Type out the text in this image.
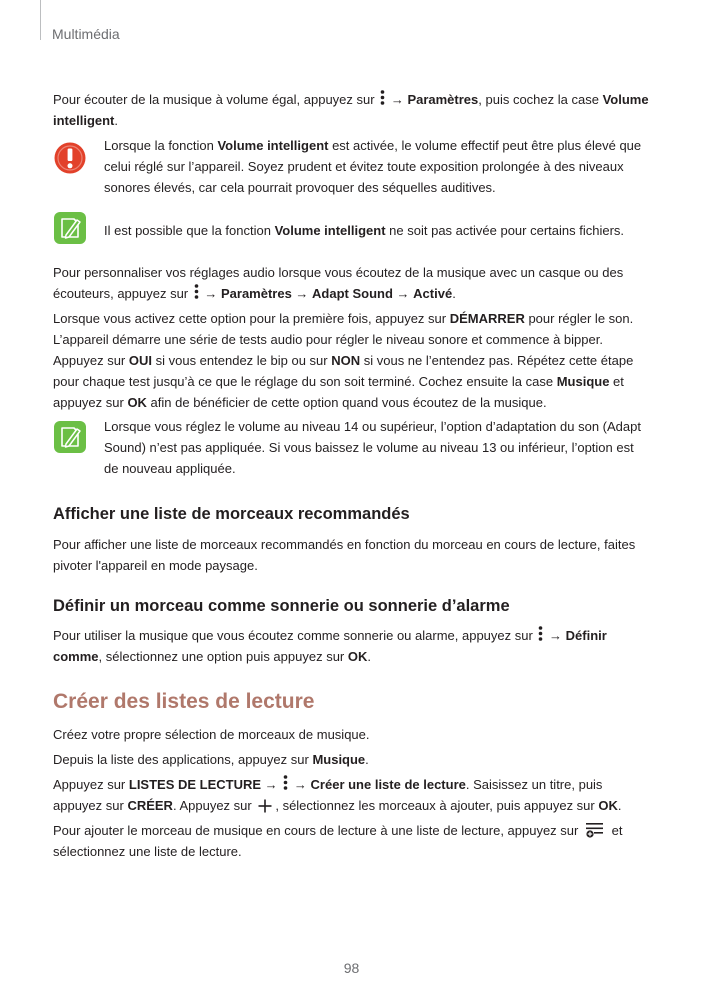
Multimédia

Pour écouter de la musique à volume égal, appuyez sur  → Paramètres, puis cochez la case Volume intelligent.

Lorsque la fonction Volume intelligent est activée, le volume effectif peut être plus élevé que celui réglé sur l’appareil. Soyez prudent et évitez toute exposition prolongée à des niveaux sonores élevés, car cela pourrait provoquer des séquelles auditives.

Il est possible que la fonction Volume intelligent ne soit pas activée pour certains fichiers.

Pour personnaliser vos réglages audio lorsque vous écoutez de la musique avec un casque ou des écouteurs, appuyez sur  → Paramètres → Adapt Sound → Activé.

Lorsque vous activez cette option pour la première fois, appuyez sur DÉMARRER pour régler le son. L’appareil démarre une série de tests audio pour régler le niveau sonore et commence à bipper. Appuyez sur OUI si vous entendez le bip ou sur NON si vous ne l’entendez pas. Répétez cette étape pour chaque test jusqu’à ce que le réglage du son soit terminé. Cochez ensuite la case Musique et appuyez sur OK afin de bénéficier de cette option quand vous écoutez de la musique.

Lorsque vous réglez le volume au niveau 14 ou supérieur, l’option d’adaptation du son (Adapt Sound) n’est pas appliquée. Si vous baissez le volume au niveau 13 ou inférieur, l’option est de nouveau appliquée.

Afficher une liste de morceaux recommandés

Pour afficher une liste de morceaux recommandés en fonction du morceau en cours de lecture, faites pivoter l'appareil en mode paysage.

Définir un morceau comme sonnerie ou sonnerie d’alarme

Pour utiliser la musique que vous écoutez comme sonnerie ou alarme, appuyez sur  → Définir comme, sélectionnez une option puis appuyez sur OK.

Créer des listes de lecture

Créez votre propre sélection de morceaux de musique.

Depuis la liste des applications, appuyez sur Musique.

Appuyez sur LISTES DE LECTURE →  → Créer une liste de lecture. Saisissez un titre, puis appuyez sur CRÉER. Appuyez sur , sélectionnez les morceaux à ajouter, puis appuyez sur OK.

Pour ajouter le morceau de musique en cours de lecture à une liste de lecture, appuyez sur  et sélectionnez une liste de lecture.

98
